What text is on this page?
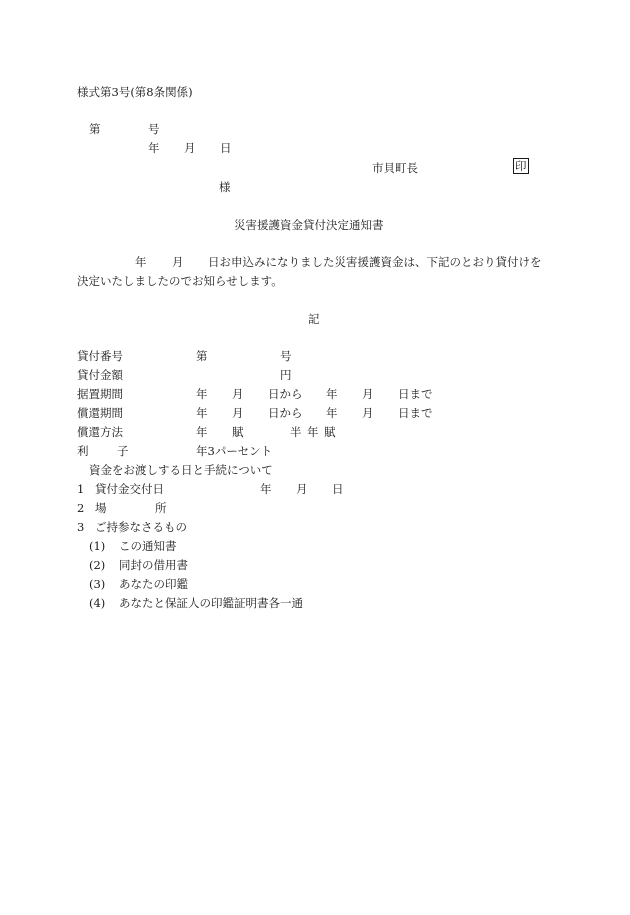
様式第3号(第8条関係)
第	号
年 月 日
市貝町長	印
様
災害援護資金貸付決定通知書
年 月 日お申込みになりました災害援護資金は、下記のとおり貸付けを
決定いたしましたのでお知らせします。
記
貸付番号	第	号
貸付金額	円
据置期間	年 月 日から 年 月 日まで
償還期間	年 月 日から 年 月 日まで
償還方法	年 賦	半 年 賦
利 子	年3パーセント
資金をお渡しする日と手続について
1 貸付金交付日	年 月 日
2 場	所
3 ご持参なさるもの
(1) この通知書
(2) 同封の借用書
(3) あなたの印鑑
(4) あなたと保証人の印鑑証明書各一通
